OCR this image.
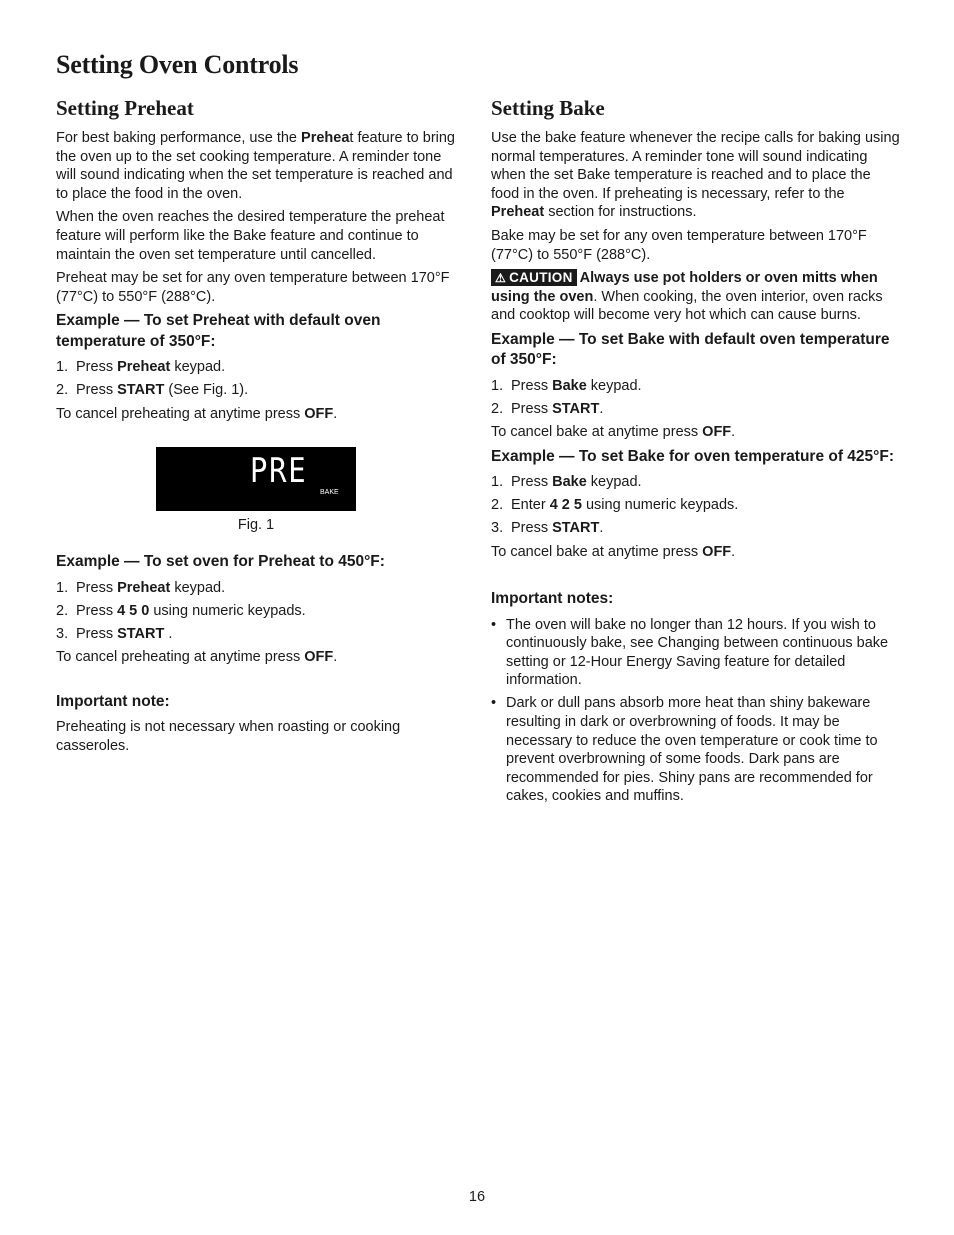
Setting Oven Controls
Setting Preheat

For best baking performance, use the Preheat feature to bring the oven up to the set cooking temperature. A reminder tone will sound indicating when the set temperature is reached and to place the food in the oven.

When the oven reaches the desired temperature the preheat feature will perform like the Bake feature and continue to maintain the oven set temperature until cancelled.

Preheat may be set for any oven temperature between 170°F (77°C) to 550°F (288°C).

Example — To set Preheat with default oven temperature of 350°F:
1. Press Preheat keypad.
2. Press START (See Fig. 1).

To cancel preheating at anytime press OFF.

PRE
BAKE
Fig. 1
Example — To set oven for Preheat to 450°F:
1. Press Preheat keypad.
2. Press 4 5 0 using numeric keypads.
3. Press START .

To cancel preheating at anytime press OFF.

Important note:

Preheating is not necessary when roasting or cooking casseroles.

Setting Bake

Use the bake feature whenever the recipe calls for baking using normal temperatures. A reminder tone will sound indicating when the set Bake temperature is reached and to place the food in the oven. If preheating is necessary, refer to the Preheat section for instructions.

Bake may be set for any oven temperature between 170°F (77°C) to 550°F (288°C).

⚠ CAUTION Always use pot holders or oven mitts when using the oven. When cooking, the oven interior, oven racks and cooktop will become very hot which can cause burns.

Example — To set Bake with default oven temperature of 350°F:
1. Press Bake keypad.
2. Press START.

To cancel bake at anytime press OFF.

Example — To set Bake for oven temperature of 425°F:
1. Press Bake keypad.
2. Enter 4 2 5 using numeric keypads.
3. Press START.

To cancel bake at anytime press OFF.

Important notes:
• The oven will bake no longer than 12 hours. If you wish to continuously bake, see Changing between continuous bake setting or 12-Hour Energy Saving feature for detailed information.
• Dark or dull pans absorb more heat than shiny bakeware resulting in dark or overbrowning of foods. It may be necessary to reduce the oven temperature or cook time to prevent overbrowning of some foods. Dark pans are recommended for pies. Shiny pans are recommended for cakes, cookies and muffins.
16
